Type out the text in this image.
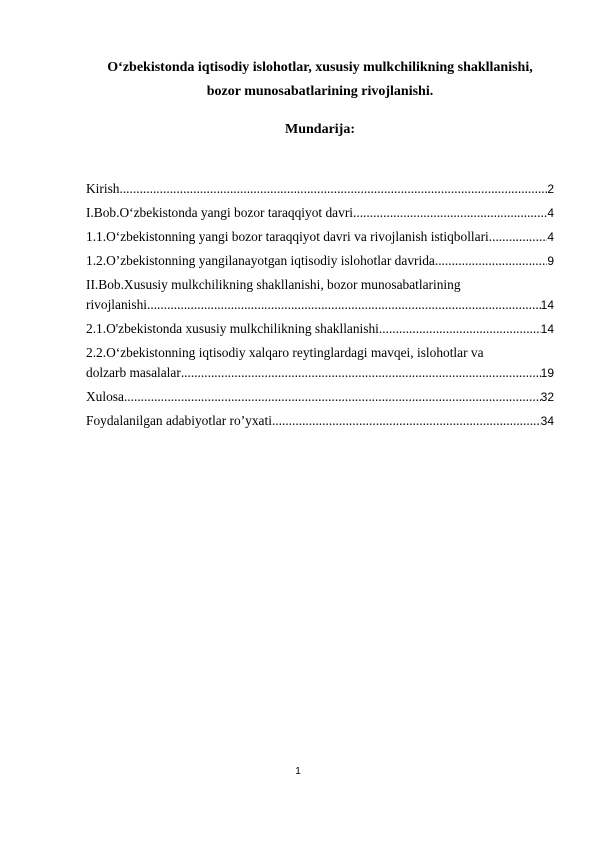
O‘zbekistonda iqtisodiy islohotlar, xususiy mulkchilikning shakllanishi,
bozor munosabatlarining rivojlanishi.
Mundarija:
Kirish .....	2
I.Bob.O‘zbekistonda yangi bozor taraqqiyot davri .....	4
1.1.O‘zbekistonning yangi bozor taraqqiyot davri va rivojlanish istiqbollari. .....	4
1.2.O’zbekistonning yangilanayotgan iqtisodiy islohotlar davrida .....	9
II.Bob.Xususiy mulkchilikning shakllanishi, bozor munosabatlarining
rivojlanishi .....	14
2.1.O'zbekistonda xususiy mulkchilikning shakllanishi .....	14
2.2.O‘zbekistonning iqtisodiy xalqaro reytinglardagi mavqei, islohotlar va
dolzarb masalalar .....	19
Xulosa .....	32
Foydalanilgan adabiyotlar ro’yxati .....	34
1
